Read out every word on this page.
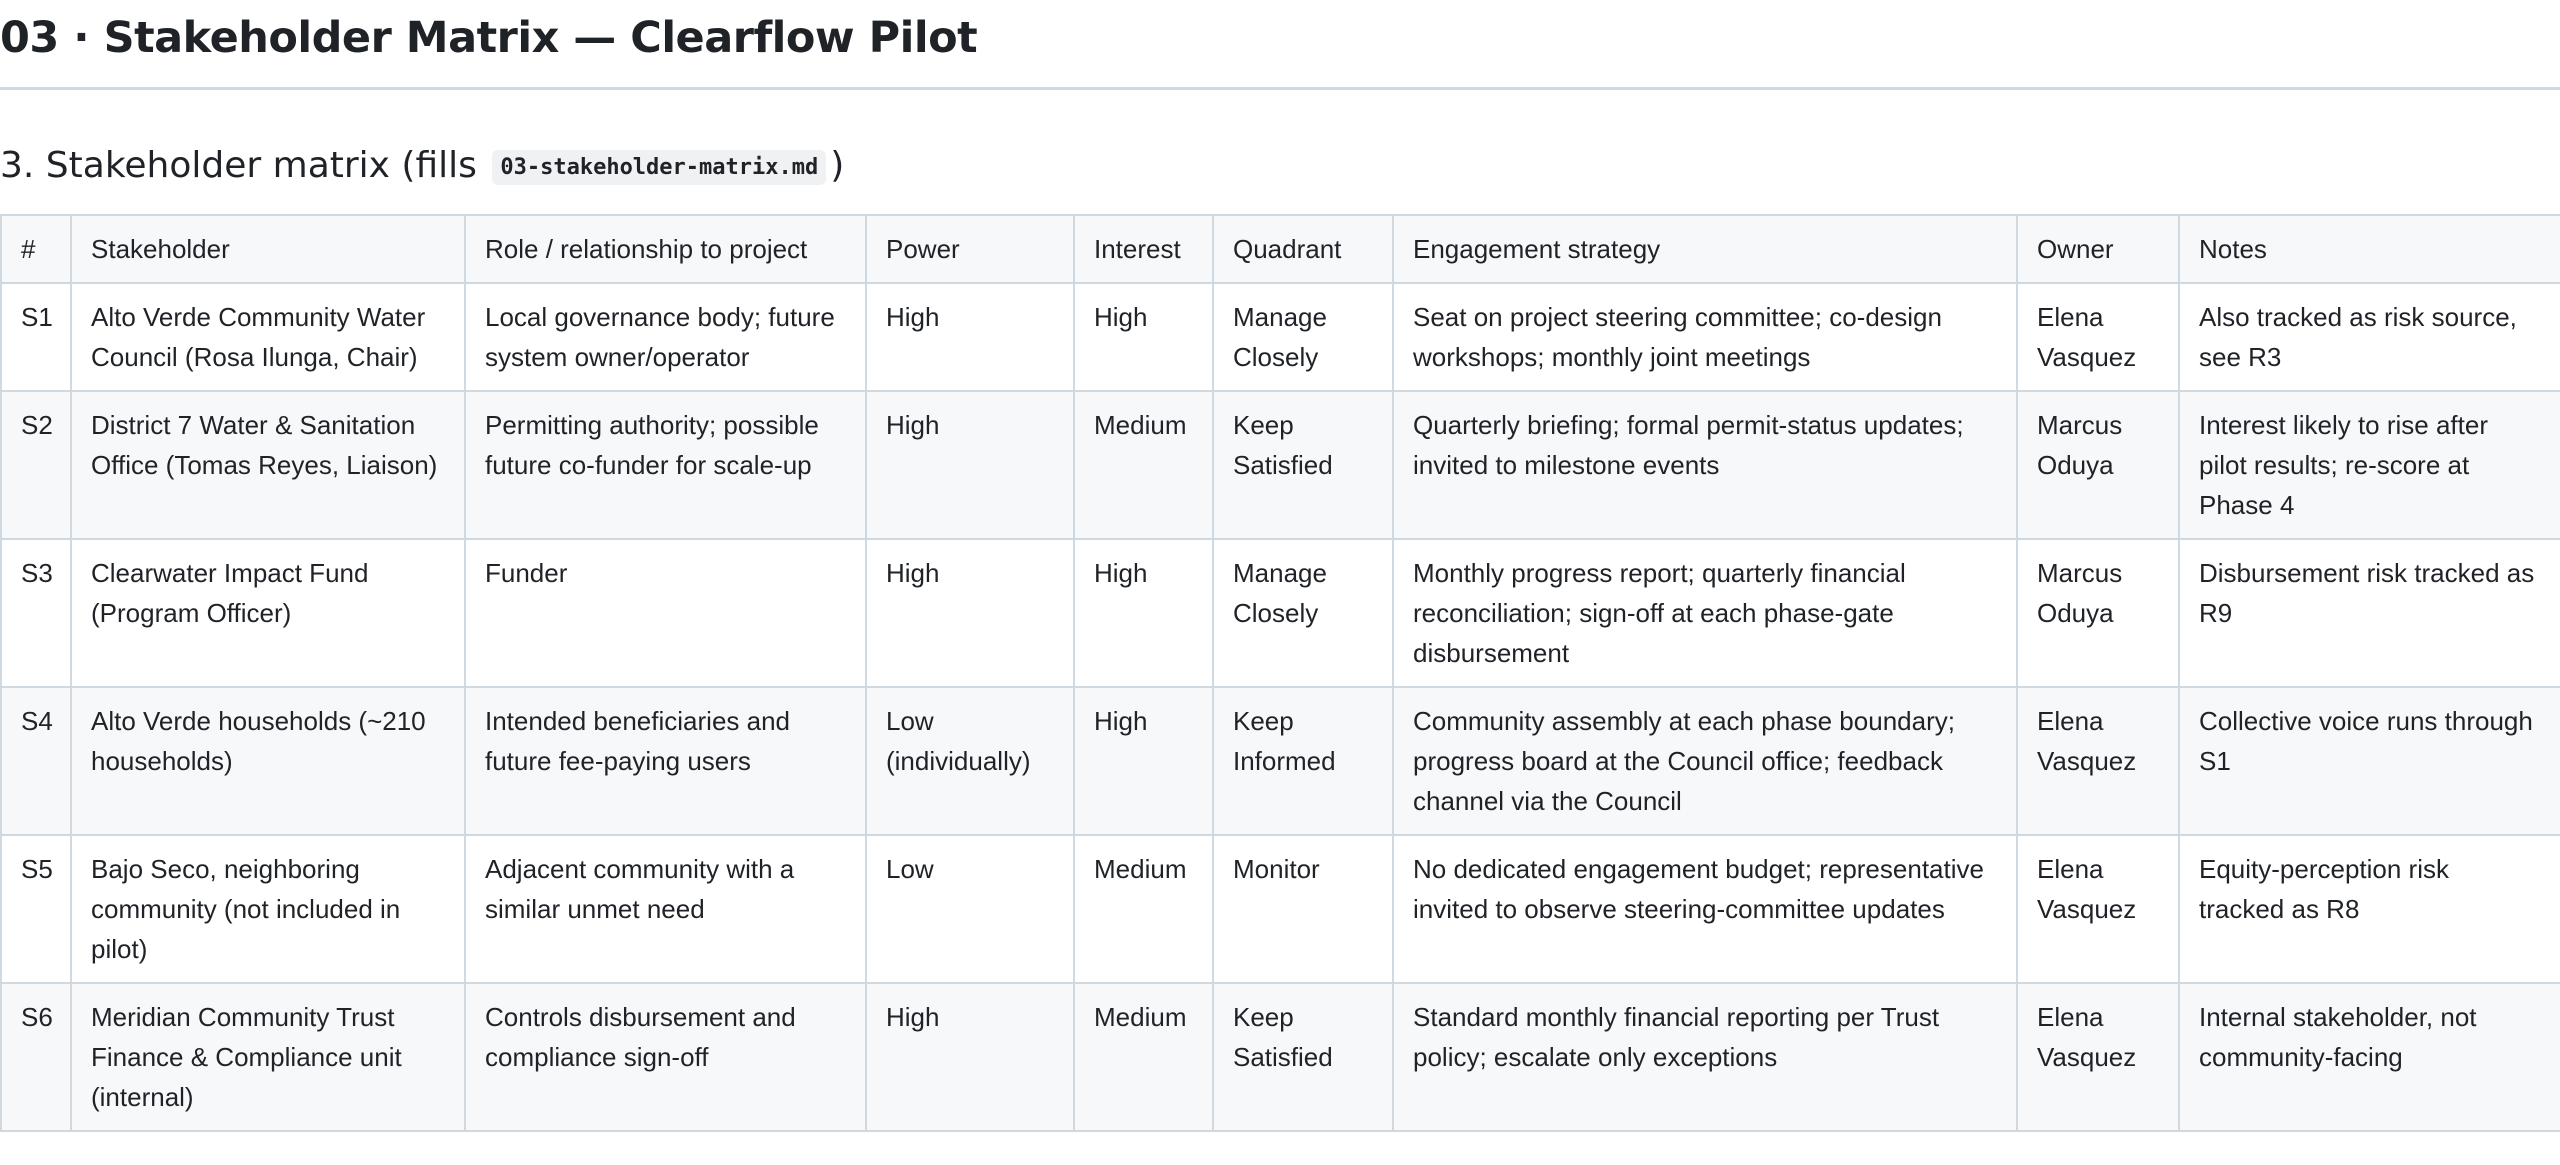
03 · Stakeholder Matrix — Clearflow Pilot
3. Stakeholder matrix (fills 03-stakeholder-matrix.md )
#	Stakeholder	Role / relationship to project	Power	Interest	Quadrant	Engagement strategy	Owner	Notes
S1	Alto Verde Community Water Council (Rosa Ilunga, Chair)	Local governance body; future system owner/operator	High	High	Manage Closely	Seat on project steering committee; co-design workshops; monthly joint meetings	Elena Vasquez	Also tracked as risk source, see R3
S2	District 7 Water & Sanitation Office (Tomas Reyes, Liaison)	Permitting authority; possible future co-funder for scale-up	High	Medium	Keep Satisfied	Quarterly briefing; formal permit-status updates; invited to milestone events	Marcus Oduya	Interest likely to rise after pilot results; re-score at Phase 4
S3	Clearwater Impact Fund (Program Officer)	Funder	High	High	Manage Closely	Monthly progress report; quarterly financial reconciliation; sign-off at each phase-gate disbursement	Marcus Oduya	Disbursement risk tracked as R9
S4	Alto Verde households (~210 households)	Intended beneficiaries and future fee-paying users	Low (individually)	High	Keep Informed	Community assembly at each phase boundary; progress board at the Council office; feedback channel via the Council	Elena Vasquez	Collective voice runs through S1
S5	Bajo Seco, neighboring community (not included in pilot)	Adjacent community with a similar unmet need	Low	Medium	Monitor	No dedicated engagement budget; representative invited to observe steering-committee updates	Elena Vasquez	Equity-perception risk tracked as R8
S6	Meridian Community Trust Finance & Compliance unit (internal)	Controls disbursement and compliance sign-off	High	Medium	Keep Satisfied	Standard monthly financial reporting per Trust policy; escalate only exceptions	Elena Vasquez	Internal stakeholder, not community-facing
